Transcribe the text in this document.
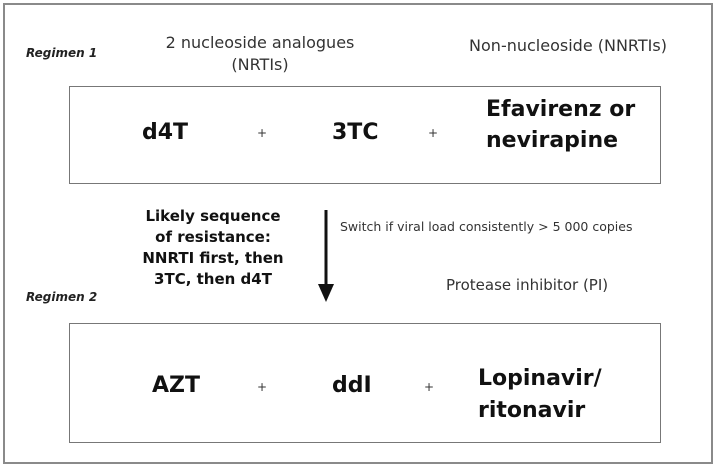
Regimen 1
2 nucleoside analogues
(NRTIs)
Non-nucleoside (NNRTIs)
d4T	+	3TC	+
Efavirenz or
nevirapine
Likely sequence
of resistance:
NNRTI first, then
3TC, then d4T
Switch if viral load consistently > 5 000 copies
Regimen 2
Protease inhibitor (PI)
AZT	+	ddI	+ Lopinavir/
ritonavir
